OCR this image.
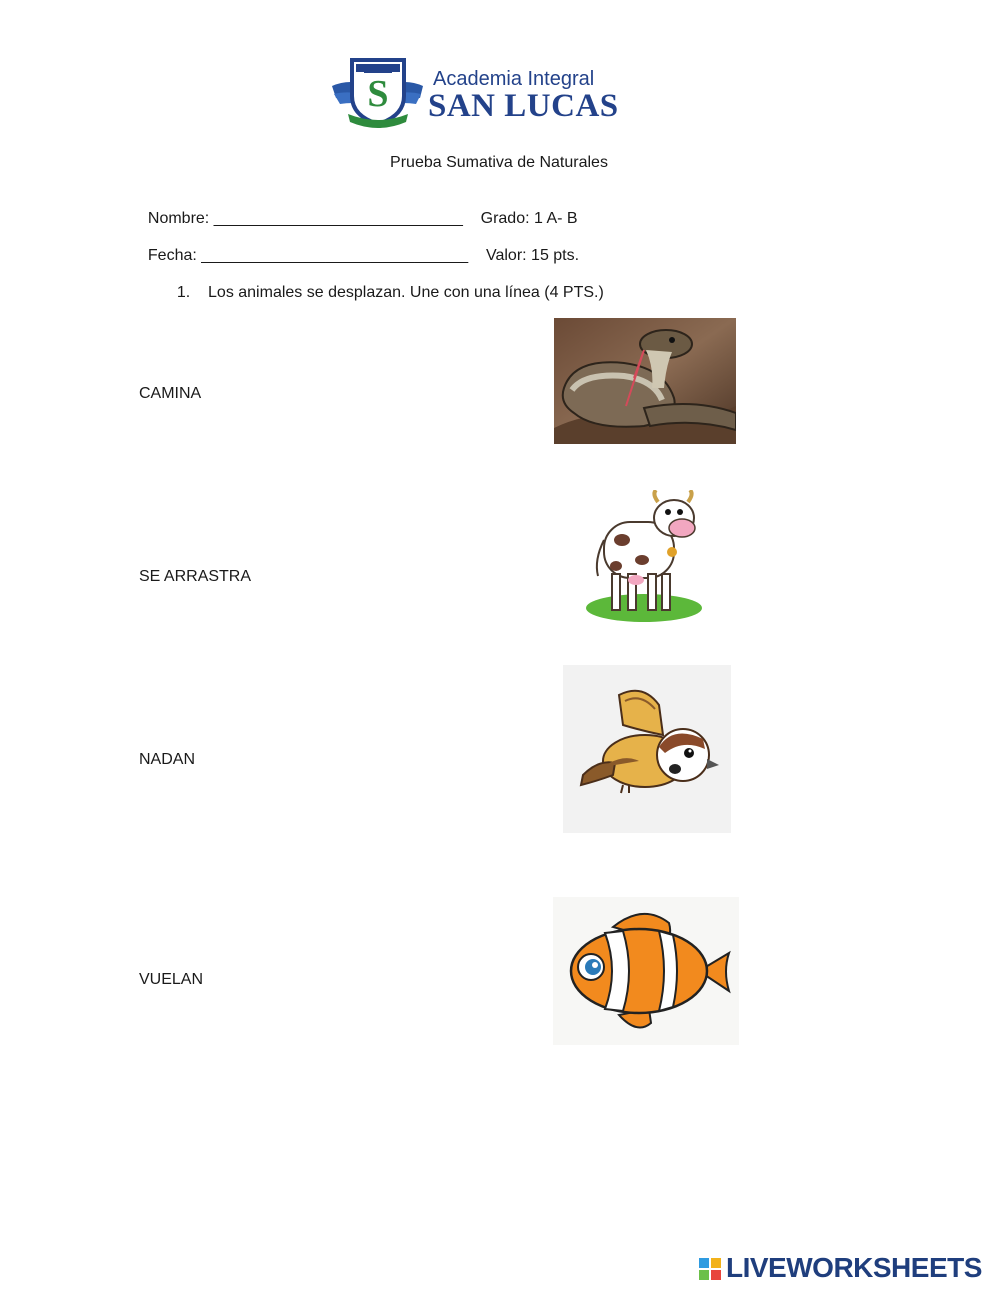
S Academia Integral
SAN LUCAS
Prueba Sumativa de Naturales

Nombre: ____________________________ Grado: 1 A- B

Fecha: ______________________________ Valor: 15 pts.

1. Los animales se desplazan. Une con una línea (4 PTS.)

CAMINA
SE ARRASTRA
NADAN
VUELAN
LIVEWORKSHEETS
